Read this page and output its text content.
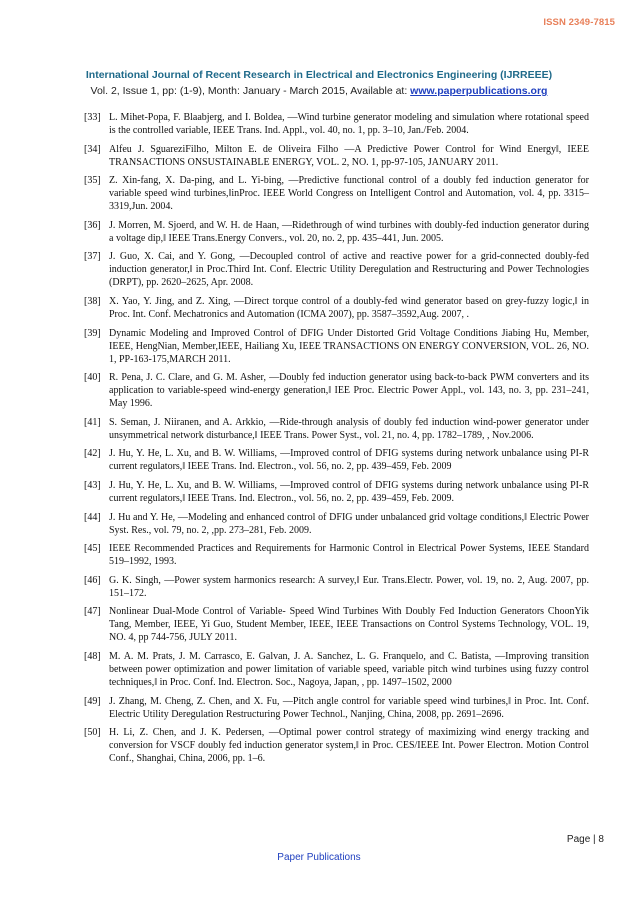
ISSN 2349-7815
International Journal of Recent Research in Electrical and Electronics Engineering (IJRREEE)
Vol. 2, Issue 1, pp: (1-9), Month: January - March 2015, Available at: www.paperpublications.org
[33] L. Mihet-Popa, F. Blaabjerg, and I. Boldea, ―Wind turbine generator modeling and simulation where rotational speed is the controlled variable, IEEE Trans. Ind. Appl., vol. 40, no. 1, pp. 3–10, Jan./Feb. 2004.
[34] Alfeu J. SguareziFilho, Milton E. de Oliveira Filho ―A Predictive Power Control for Wind Energy‖, IEEE TRANSACTIONS ONSUSTAINABLE ENERGY, VOL. 2, NO. 1, pp-97-105, JANUARY 2011.
[35] Z. Xin-fang, X. Da-ping, and L. Yi-bing, ―Predictive functional control of a doubly fed induction generator for variable speed wind turbines,‖inProc. IEEE World Congress on Intelligent Control and Automation, vol. 4, pp. 3315–3319,Jun. 2004.
[36] J. Morren, M. Sjoerd, and W. H. de Haan, ―Ridethrough of wind turbines with doubly-fed induction generator during a voltage dip,‖ IEEE Trans.Energy Convers., vol. 20, no. 2, pp. 435–441, Jun. 2005.
[37] J. Guo, X. Cai, and Y. Gong, ―Decoupled control of active and reactive power for a grid-connected doubly-fed induction generator,‖ in Proc.Third Int. Conf. Electric Utility Deregulation and Restructuring and Power Technologies (DRPT), pp. 2620–2625, Apr. 2008.
[38] X. Yao, Y. Jing, and Z. Xing, ―Direct torque control of a doubly-fed wind generator based on grey-fuzzy logic,‖ in Proc. Int. Conf. Mechatronics and Automation (ICMA 2007), pp. 3587–3592,Aug. 2007, .
[39] Dynamic Modeling and Improved Control of DFIG Under Distorted Grid Voltage Conditions Jiabing Hu, Member, IEEE, HengNian, Member,IEEE, Hailiang Xu, IEEE TRANSACTIONS ON ENERGY CONVERSION, VOL. 26, NO. 1, PP-163-175,MARCH 2011.
[40] R. Pena, J. C. Clare, and G. M. Asher, ―Doubly fed induction generator using back-to-back PWM converters and its application to variable-speed wind-energy generation,‖ IEE Proc. Electric Power Appl., vol. 143, no. 3, pp. 231–241, May 1996.
[41] S. Seman, J. Niiranen, and A. Arkkio, ―Ride-through analysis of doubly fed induction wind-power generator under unsymmetrical network disturbance,‖ IEEE Trans. Power Syst., vol. 21, no. 4, pp. 1782–1789, , Nov.2006.
[42] J. Hu, Y. He, L. Xu, and B. W. Williams, ―Improved control of DFIG systems during network unbalance using PI-R current regulators,‖ IEEE Trans. Ind. Electron., vol. 56, no. 2, pp. 439–459, Feb. 2009
[43] J. Hu, Y. He, L. Xu, and B. W. Williams, ―Improved control of DFIG systems during network unbalance using PI-R current regulators,‖ IEEE Trans. Ind. Electron., vol. 56, no. 2, pp. 439–459, Feb. 2009.
[44] J. Hu and Y. He, ―Modeling and enhanced control of DFIG under unbalanced grid voltage conditions,‖ Electric Power Syst. Res., vol. 79, no. 2, ,pp. 273–281, Feb. 2009.
[45] IEEE Recommended Practices and Requirements for Harmonic Control in Electrical Power Systems, IEEE Standard 519–1992, 1993.
[46] G. K. Singh, ―Power system harmonics research: A survey,‖ Eur. Trans.Electr. Power, vol. 19, no. 2, Aug. 2007, pp. 151–172.
[47] Nonlinear Dual-Mode Control of Variable- Speed Wind Turbines With Doubly Fed Induction Generators ChoonYik Tang, Member, IEEE, Yi Guo, Student Member, IEEE, IEEE Transactions on Control Systems Technology, VOL. 19, NO. 4, pp 744-756, JULY 2011.
[48] M. A. M. Prats, J. M. Carrasco, E. Galvan, J. A. Sanchez, L. G. Franquelo, and C. Batista, ―Improving transition between power optimization and power limitation of variable speed, variable pitch wind turbines using fuzzy control techniques,‖ in Proc. Conf. Ind. Electron. Soc., Nagoya, Japan, , pp. 1497–1502, 2000
[49] J. Zhang, M. Cheng, Z. Chen, and X. Fu, ―Pitch angle control for variable speed wind turbines,‖ in Proc. Int. Conf. Electric Utility Deregulation Restructuring Power Technol., Nanjing, China, 2008, pp. 2691–2696.
[50] H. Li, Z. Chen, and J. K. Pedersen, ―Optimal power control strategy of maximizing wind energy tracking and conversion for VSCF doubly fed induction generator system,‖ in Proc. CES/IEEE Int. Power Electron. Motion Control Conf., Shanghai, China, 2006, pp. 1–6.
Page | 8
Paper Publications
